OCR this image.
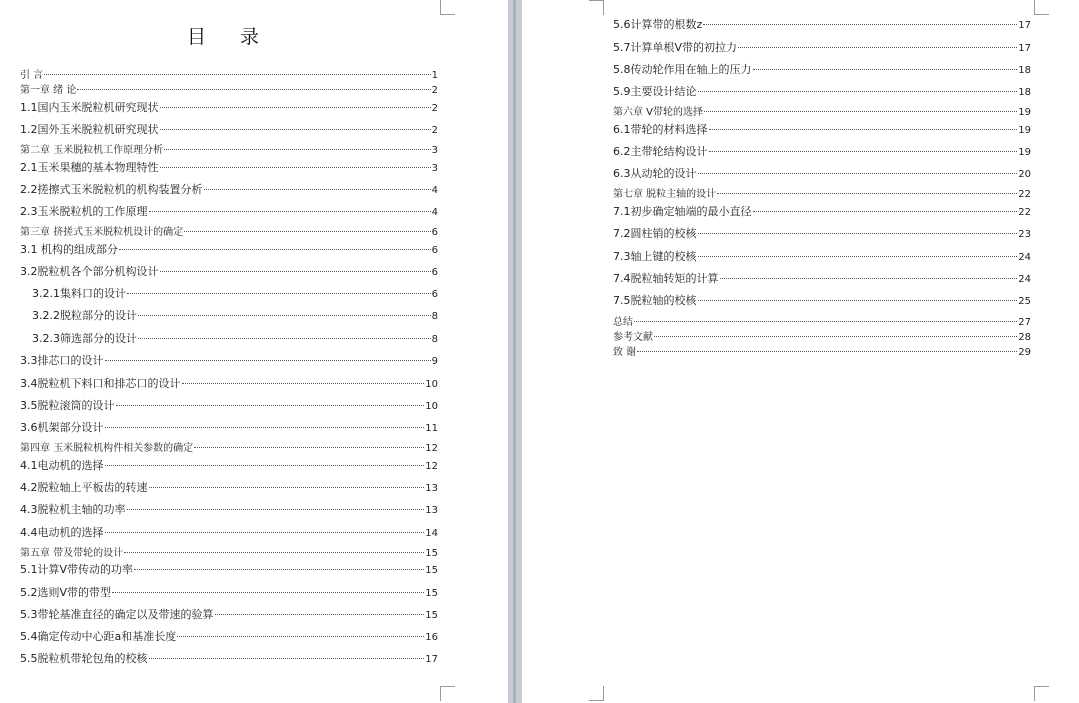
目 录
引 言	1
第一章 绪 论	2
1.1国内玉米脱粒机研究现状	2
1.2国外玉米脱粒机研究现状	2
第二章 玉米脱粒机工作原理分析	3
2.1玉米果穗的基本物理特性	3
2.2搓擦式玉米脱粒机的机构装置分析	4
2.3玉米脱粒机的工作原理	4
第三章 挤搓式玉米脱粒机设计的确定	6
3.1 机构的组成部分	6
3.2脱粒机各个部分机构设计	6
3.2.1集料口的设计	6
3.2.2脱粒部分的设计	8
3.2.3筛选部分的设计	8
3.3排芯口的设计	9
3.4脱粒机下料口和排芯口的设计	10
3.5脱粒滚筒的设计	10
3.6机架部分设计	11
第四章 玉米脱粒机构件相关参数的确定	12
4.1电动机的选择	12
4.2脱粒轴上平板齿的转速	13
4.3脱粒机主轴的功率	13
4.4电动机的选择	14
第五章 带及带轮的设计	15
5.1计算V带传动的功率	15
5.2选则V带的带型	15
5.3带轮基准直径的确定以及带速的验算	15
5.4确定传动中心距a和基准长度	16
5.5脱粒机带轮包角的校核	17
5.6计算带的根数z	17
5.7计算单根V带的初拉力	17
5.8传动轮作用在轴上的压力	18
5.9主要设计结论	18
第六章 V带轮的选择	19
6.1带轮的材料选择	19
6.2主带轮结构设计	19
6.3从动轮的设计	20
第七章 脱粒主轴的设计	22
7.1初步确定轴端的最小直径	22
7.2圆柱销的校核	23
7.3轴上键的校核	24
7.4脱粒轴转矩的计算	24
7.5脱粒轴的校核	25
总结	27
参考文献	28
致 谢	29
